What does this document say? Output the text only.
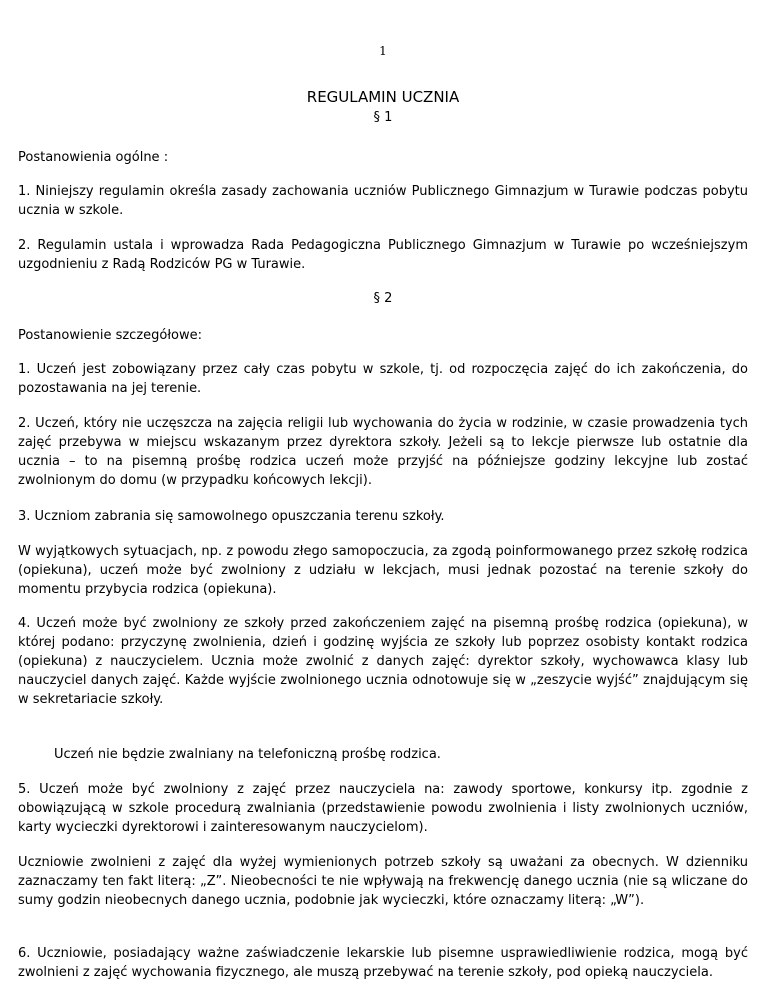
1
REGULAMIN UCZNIA
§ 1

Postanowienia ogólne :

1. Niniejszy regulamin określa zasady zachowania uczniów Publicznego Gimnazjum w Turawie podczas pobytu ucznia w szkole.

2. Regulamin ustala i wprowadza Rada Pedagogiczna Publicznego Gimnazjum w Turawie po wcześniejszym uzgodnieniu z Radą Rodziców PG w Turawie.

§ 2

Postanowienie szczegółowe:

1. Uczeń jest zobowiązany przez cały czas pobytu w szkole, tj. od rozpoczęcia zajęć do ich zakończenia, do pozostawania na jej terenie.

2. Uczeń, który nie uczęszcza na zajęcia religii lub wychowania do życia w rodzinie, w czasie prowadzenia tych zajęć przebywa w miejscu wskazanym przez dyrektora szkoły. Jeżeli są to lekcje pierwsze lub ostatnie dla ucznia – to na pisemną prośbę rodzica uczeń może przyjść na późniejsze godziny lekcyjne lub zostać zwolnionym do domu (w przypadku końcowych lekcji).

3. Uczniom zabrania się samowolnego opuszczania terenu szkoły.

W wyjątkowych sytuacjach, np. z powodu złego samopoczucia, za zgodą poinformowanego przez szkołę rodzica (opiekuna), uczeń może być zwolniony z udziału w lekcjach, musi jednak pozostać na terenie szkoły do momentu przybycia rodzica (opiekuna).

4. Uczeń może być zwolniony ze szkoły przed zakończeniem zajęć na pisemną prośbę rodzica (opiekuna), w której podano: przyczynę zwolnienia, dzień i godzinę wyjścia ze szkoły lub poprzez osobisty kontakt rodzica (opiekuna) z nauczycielem. Ucznia może zwolnić z danych zajęć: dyrektor szkoły, wychowawca klasy lub nauczyciel danych zajęć. Każde wyjście zwolnionego ucznia odnotowuje się w „zeszycie wyjść” znajdującym się w sekretariacie szkoły.

Uczeń nie będzie zwalniany na telefoniczną prośbę rodzica.

5. Uczeń może być zwolniony z zajęć przez nauczyciela na: zawody sportowe, konkursy itp. zgodnie z obowiązującą w szkole procedurą zwalniania (przedstawienie powodu zwolnienia i listy zwolnionych uczniów, karty wycieczki dyrektorowi i zainteresowanym nauczycielom).

Uczniowie zwolnieni z zajęć dla wyżej wymienionych potrzeb szkoły są uważani za obecnych. W dzienniku zaznaczamy ten fakt literą: „Z”. Nieobecności te nie wpływają na frekwencję danego ucznia (nie są wliczane do sumy godzin nieobecnych danego ucznia, podobnie jak wycieczki, które oznaczamy literą: „W”).

6. Uczniowie, posiadający ważne zaświadczenie lekarskie lub pisemne usprawiedliwienie rodzica, mogą być zwolnieni z zajęć wychowania fizycznego, ale muszą przebywać na terenie szkoły, pod opieką nauczyciela.
